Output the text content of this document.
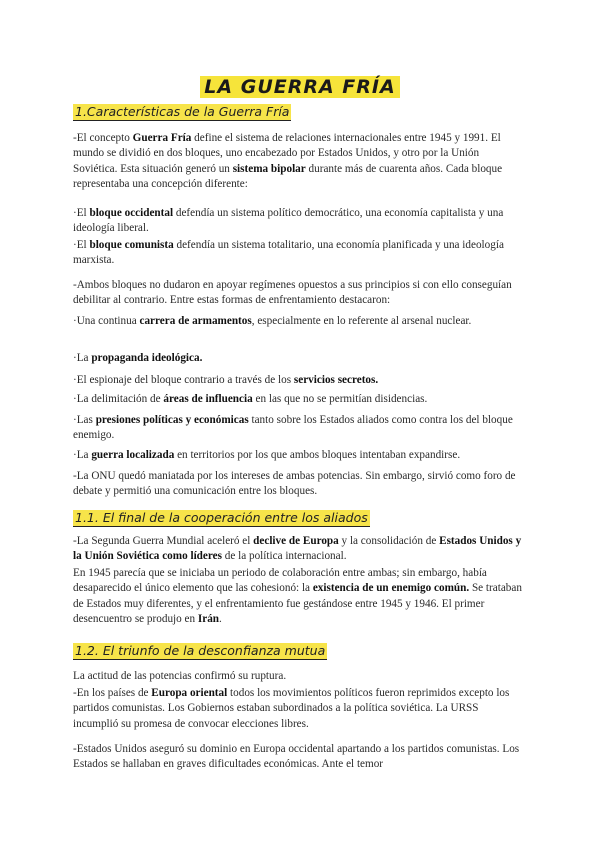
LA GUERRA FRÍA
1.Características de la Guerra Fría
-El concepto Guerra Fría define el sistema de relaciones internacionales entre 1945 y 1991. El mundo se dividió en dos bloques, uno encabezado por Estados Unidos, y otro por la Unión Soviética. Esta situación generó un sistema bipolar durante más de cuarenta años. Cada bloque representaba una concepción diferente:
·El bloque occidental defendía un sistema político democrático, una economía capitalista y una ideología liberal.
·El bloque comunista defendía un sistema totalitario, una economía planificada y una ideología marxista.
-Ambos bloques no dudaron en apoyar regímenes opuestos a sus principios si con ello conseguían debilitar al contrario. Entre estas formas de enfrentamiento destacaron:
·Una continua carrera de armamentos, especialmente en lo referente al arsenal nuclear.
·La propaganda ideológica.
·El espionaje del bloque contrario a través de los servicios secretos.
·La delimitación de áreas de influencia en las que no se permitían disidencias.
·Las presiones políticas y económicas tanto sobre los Estados aliados como contra los del bloque enemigo.
·La guerra localizada en territorios por los que ambos bloques intentaban expandirse.
-La ONU quedó maniatada por los intereses de ambas potencias. Sin embargo, sirvió como foro de debate y permitió una comunicación entre los bloques.
1.1. El final de la cooperación entre los aliados
-La Segunda Guerra Mundial aceleró el declive de Europa y la consolidación de Estados Unidos y la Unión Soviética como líderes de la política internacional.
En 1945 parecía que se iniciaba un periodo de colaboración entre ambas; sin embargo, había desaparecido el único elemento que las cohesionó: la existencia de un enemigo común. Se trataban de Estados muy diferentes, y el enfrentamiento fue gestándose entre 1945 y 1946. El primer desencuentro se produjo en Irán.
1.2. El triunfo de la desconfianza mutua
La actitud de las potencias confirmó su ruptura.
-En los países de Europa oriental todos los movimientos políticos fueron reprimidos excepto los partidos comunistas. Los Gobiernos estaban subordinados a la política soviética. La URSS incumplió su promesa de convocar elecciones libres.
-Estados Unidos aseguró su dominio en Europa occidental apartando a los partidos comunistas. Los Estados se hallaban en graves dificultades económicas. Ante el temor
